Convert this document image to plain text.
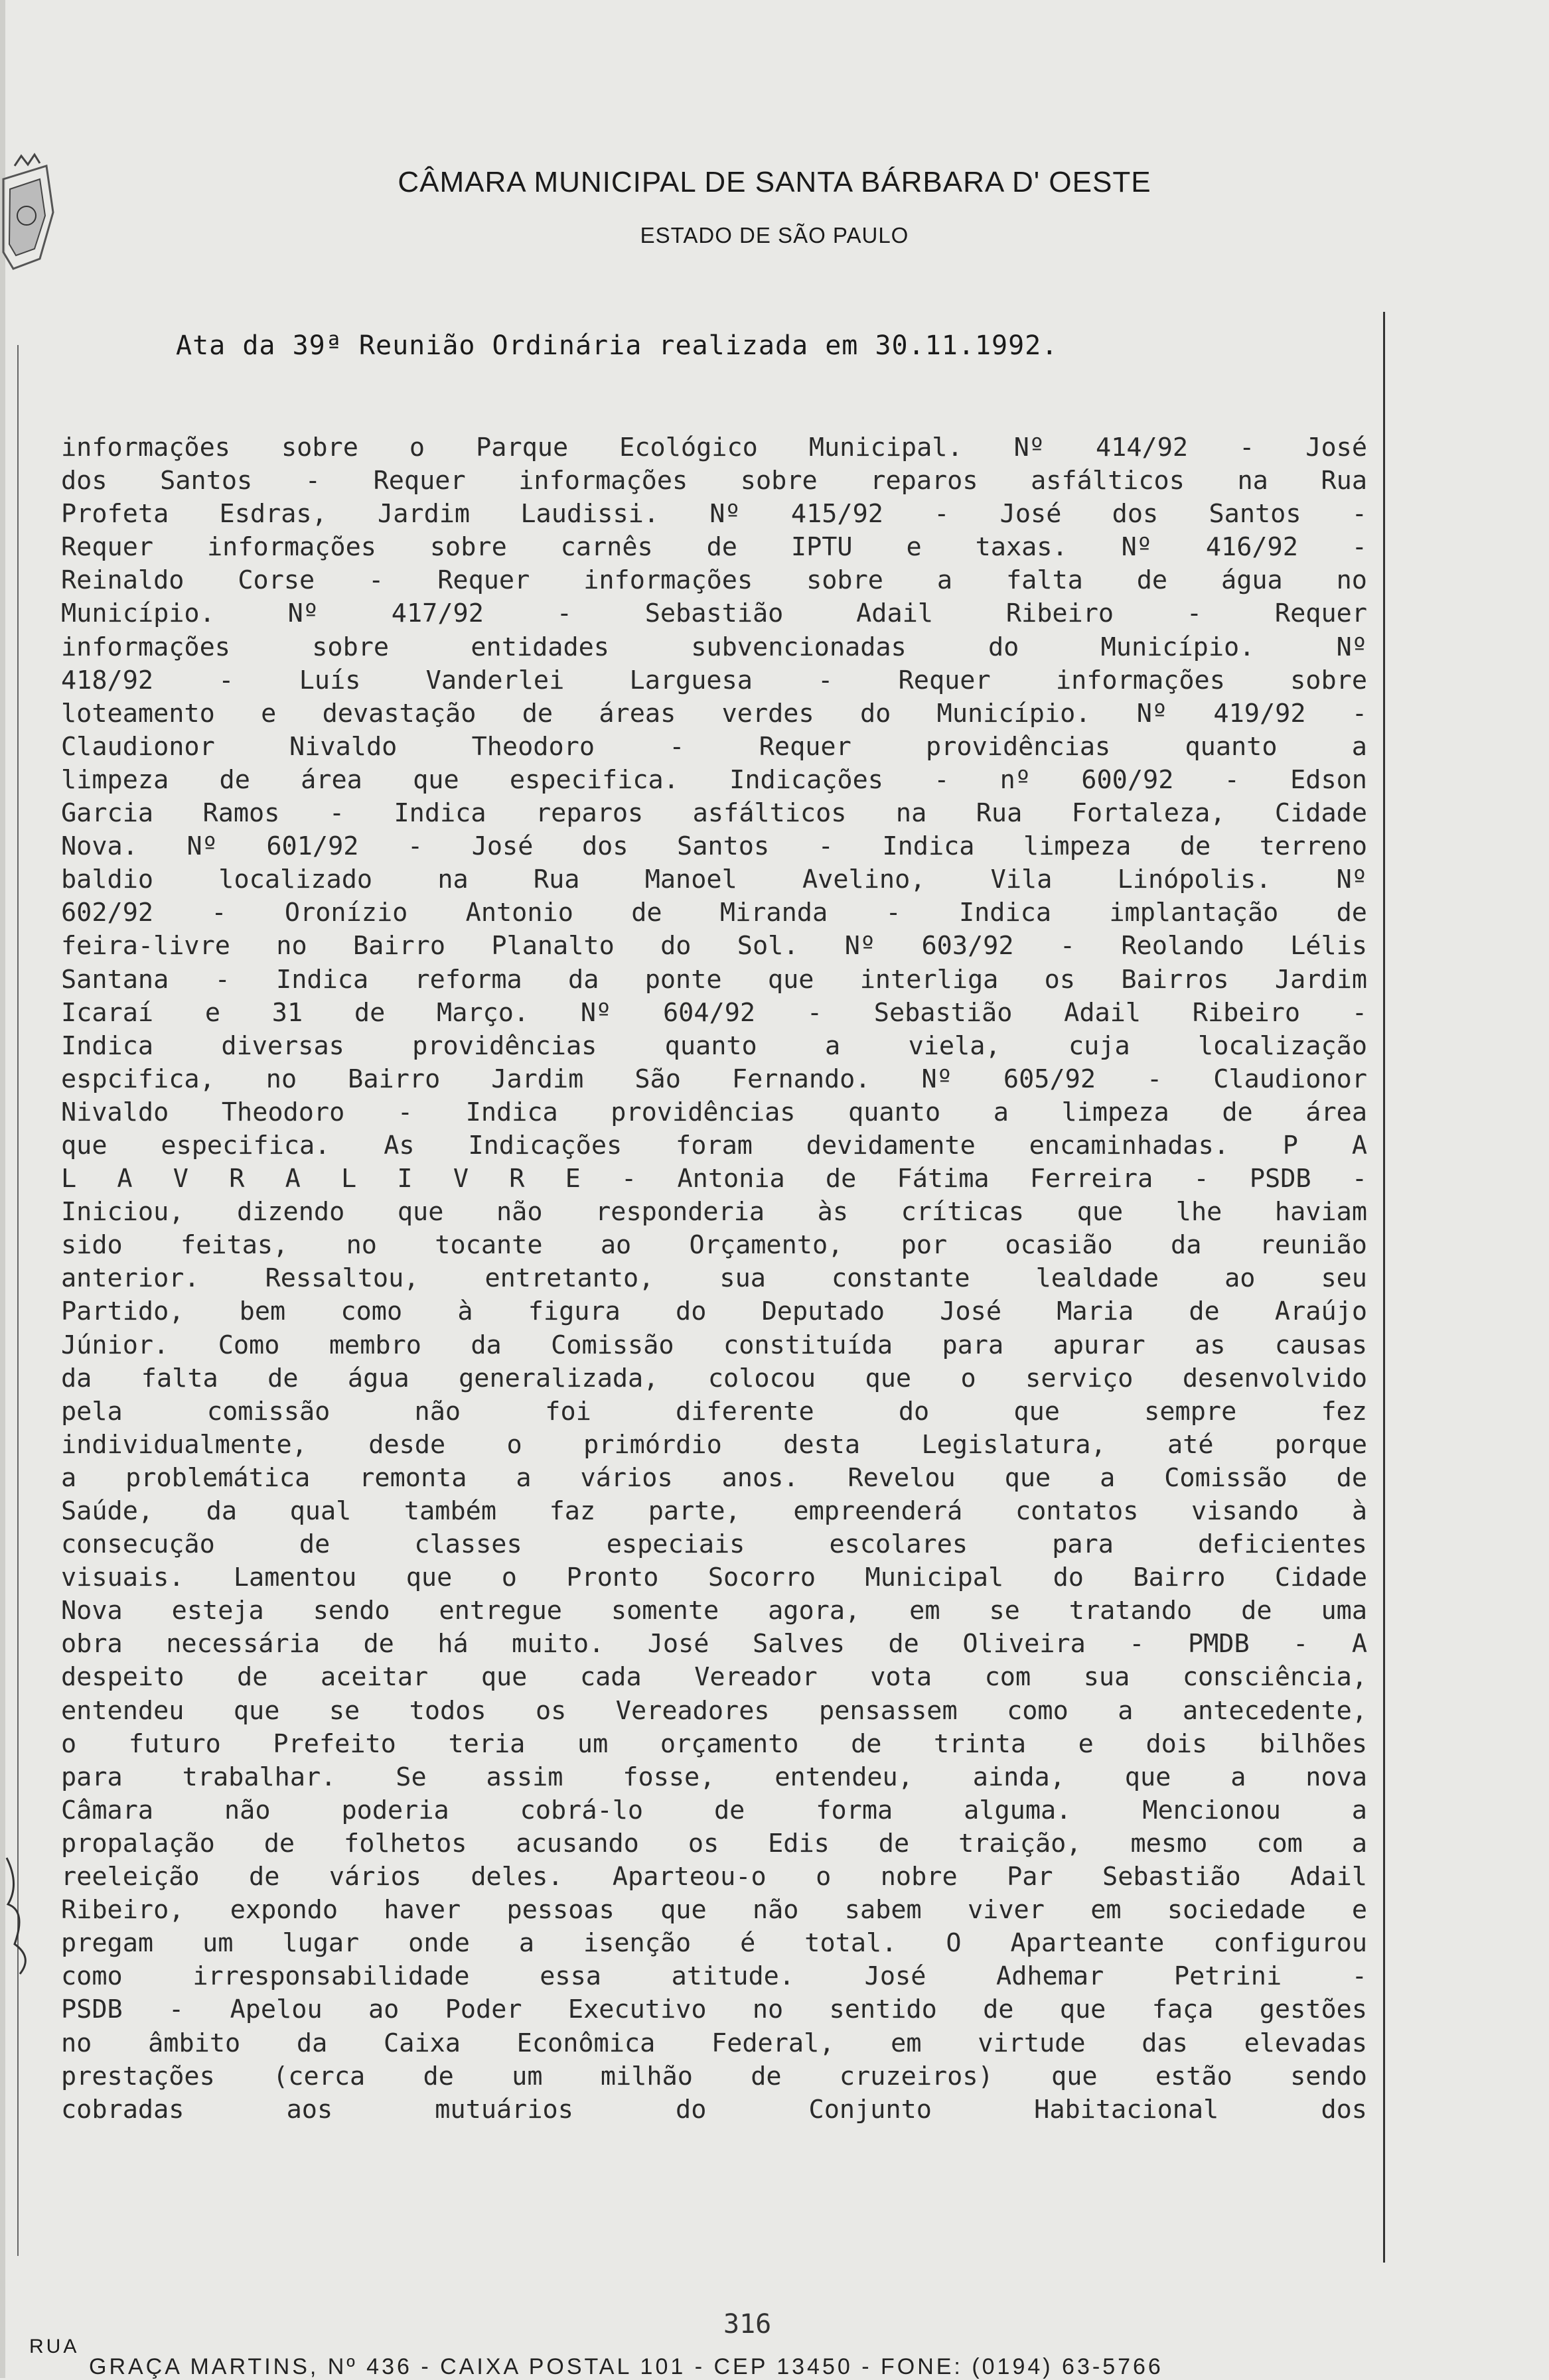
CÂMARA MUNICIPAL DE SANTA BÁRBARA D' OESTE
ESTADO DE SÃO PAULO
Ata da 39ª Reunião Ordinária realizada em 30.11.1992.
informações sobre o Parque Ecológico Municipal. Nº 414/92 - José
dos Santos - Requer informações sobre reparos asfálticos na Rua
Profeta Esdras, Jardim Laudissi. Nº 415/92 - José dos Santos -
Requer informações sobre carnês de IPTU e taxas. Nº 416/92 -
Reinaldo Corse - Requer informações sobre a falta de água no
Município. Nº 417/92 - Sebastião Adail Ribeiro - Requer
informações sobre entidades subvencionadas do Município. Nº
418/92 - Luís Vanderlei Larguesa - Requer informações sobre
loteamento e devastação de áreas verdes do Município. Nº 419/92 -
Claudionor Nivaldo Theodoro - Requer providências quanto a
limpeza de área que especifica. Indicações - nº 600/92 - Edson
Garcia Ramos - Indica reparos asfálticos na Rua Fortaleza, Cidade
Nova. Nº 601/92 - José dos Santos - Indica limpeza de terreno
baldio localizado na Rua Manoel Avelino, Vila Linópolis. Nº
602/92 - Oronízio Antonio de Miranda - Indica implantação de
feira-livre no Bairro Planalto do Sol. Nº 603/92 - Reolando Lélis
Santana - Indica reforma da ponte que interliga os Bairros Jardim
Icaraí e 31 de Março. Nº 604/92 - Sebastião Adail Ribeiro -
Indica diversas providências quanto a viela, cuja localização
espcifica, no Bairro Jardim São Fernando. Nº 605/92 - Claudionor
Nivaldo Theodoro - Indica providências quanto a limpeza de área
que especifica. As Indicações foram devidamente encaminhadas. P A
L A V R A L I V R E - Antonia de Fátima Ferreira - PSDB -
Iniciou, dizendo que não responderia às críticas que lhe haviam
sido feitas, no tocante ao Orçamento, por ocasião da reunião
anterior. Ressaltou, entretanto, sua constante lealdade ao seu
Partido, bem como à figura do Deputado José Maria de Araújo
Júnior. Como membro da Comissão constituída para apurar as causas
da falta de água generalizada, colocou que o serviço desenvolvido
pela comissão não foi diferente do que sempre fez
individualmente, desde o primórdio desta Legislatura, até porque
a problemática remonta a vários anos. Revelou que a Comissão de
Saúde, da qual também faz parte, empreenderá contatos visando à
consecução de classes especiais escolares para deficientes
visuais. Lamentou que o Pronto Socorro Municipal do Bairro Cidade
Nova esteja sendo entregue somente agora, em se tratando de uma
obra necessária de há muito. José Salves de Oliveira - PMDB - A
despeito de aceitar que cada Vereador vota com sua consciência,
entendeu que se todos os Vereadores pensassem como a antecedente,
o futuro Prefeito teria um orçamento de trinta e dois bilhões
para trabalhar. Se assim fosse, entendeu, ainda, que a nova
Câmara não poderia cobrá-lo de forma alguma. Mencionou a
propalação de folhetos acusando os Edis de traição, mesmo com a
reeleição de vários deles. Aparteou-o o nobre Par Sebastião Adail
Ribeiro, expondo haver pessoas que não sabem viver em sociedade e
pregam um lugar onde a isenção é total. O Aparteante configurou
como irresponsabilidade essa atitude. José Adhemar Petrini -
PSDB - Apelou ao Poder Executivo no sentido de que faça gestões
no âmbito da Caixa Econômica Federal, em virtude das elevadas
prestações (cerca de um milhão de cruzeiros) que estão sendo
cobradas aos mutuários do Conjunto Habitacional dos
316
RUA
GRAÇA MARTINS, Nº 436 - CAIXA POSTAL 101 - CEP 13450 - FONE: (0194) 63-5766
